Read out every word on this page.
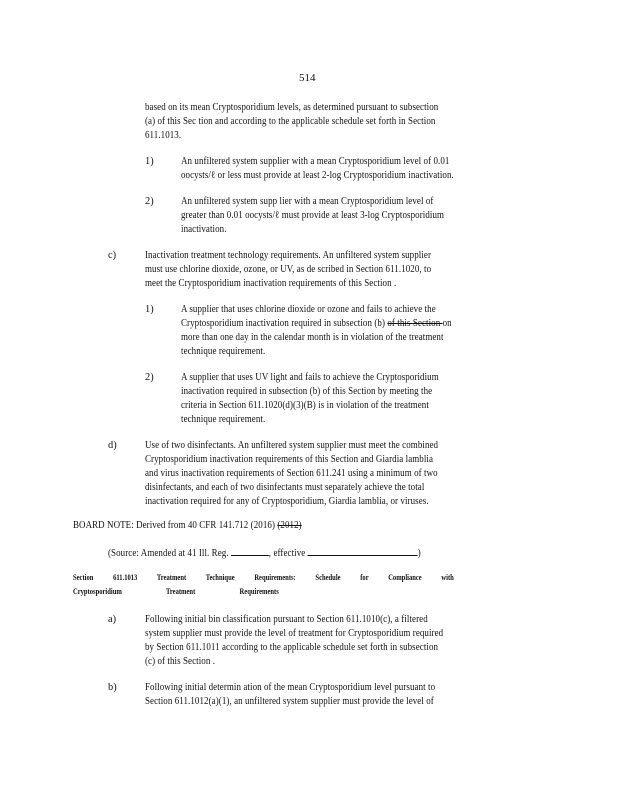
514
based on its mean Cryptosporidium levels, as determined pursuant to subsection
(a) of this Sec tion and according to the applicable schedule set forth in Section
611.1013.
1)	An unfiltered system supplier with a mean Cryptosporidium level of 0.01
oocysts/ℓ or less must provide at least 2-log Cryptosporidium inactivation.
2)	An unfiltered system supp lier with a mean Cryptosporidium level of
greater than 0.01 oocysts/ℓ must provide at least 3-log Cryptosporidium
inactivation.
c)	Inactivation treatment technology requirements. An unfiltered system supplier
must use chlorine dioxide, ozone, or UV, as de scribed in Section 611.1020, to
meet the Cryptosporidium inactivation requirements of this Section .
1)	A supplier that uses chlorine dioxide or ozone and fails to achieve the
Cryptosporidium inactivation required in subsection (b) of this Section on
more than one day in the calendar month is in violation of the treatment
technique requirement.
2)	A supplier that uses UV light and fails to achieve the Cryptosporidium
inactivation required in subsection (b) of this Section by meeting the
criteria in Section 611.1020(d)(3)(B) is in violation of the treatment
technique requirement.
d)	Use of two disinfectants. An unfiltered system supplier must meet the combined
Cryptosporidium inactivation requirements of this Section and Giardia lamblia
and virus inactivation requirements of Section 611.241 using a minimum of two
disinfectants, and each of two disinfectants must separately achieve the total
inactivation required for any of Cryptosporidium, Giardia lamblia, or viruses.
BOARD NOTE: Derived from 40 CFR 141.712 (2016) (2012)
(Source: Amended at 41 Ill. Reg.	, effective	)
Section 611.1013 Treatment Technique Requirements: Schedule for Compliance with
Cryptosporidium Treatment Requirements
a)	Following initial bin classification pursuant to Section 611.1010(c), a filtered
system supplier must provide the level of treatment for Cryptosporidium required
by Section 611.1011 according to the applicable schedule set forth in subsection
(c) of this Section .
b)	Following initial determin ation of the mean Cryptosporidium level pursuant to
Section 611.1012(a)(1), an unfiltered system supplier must provide the level of
